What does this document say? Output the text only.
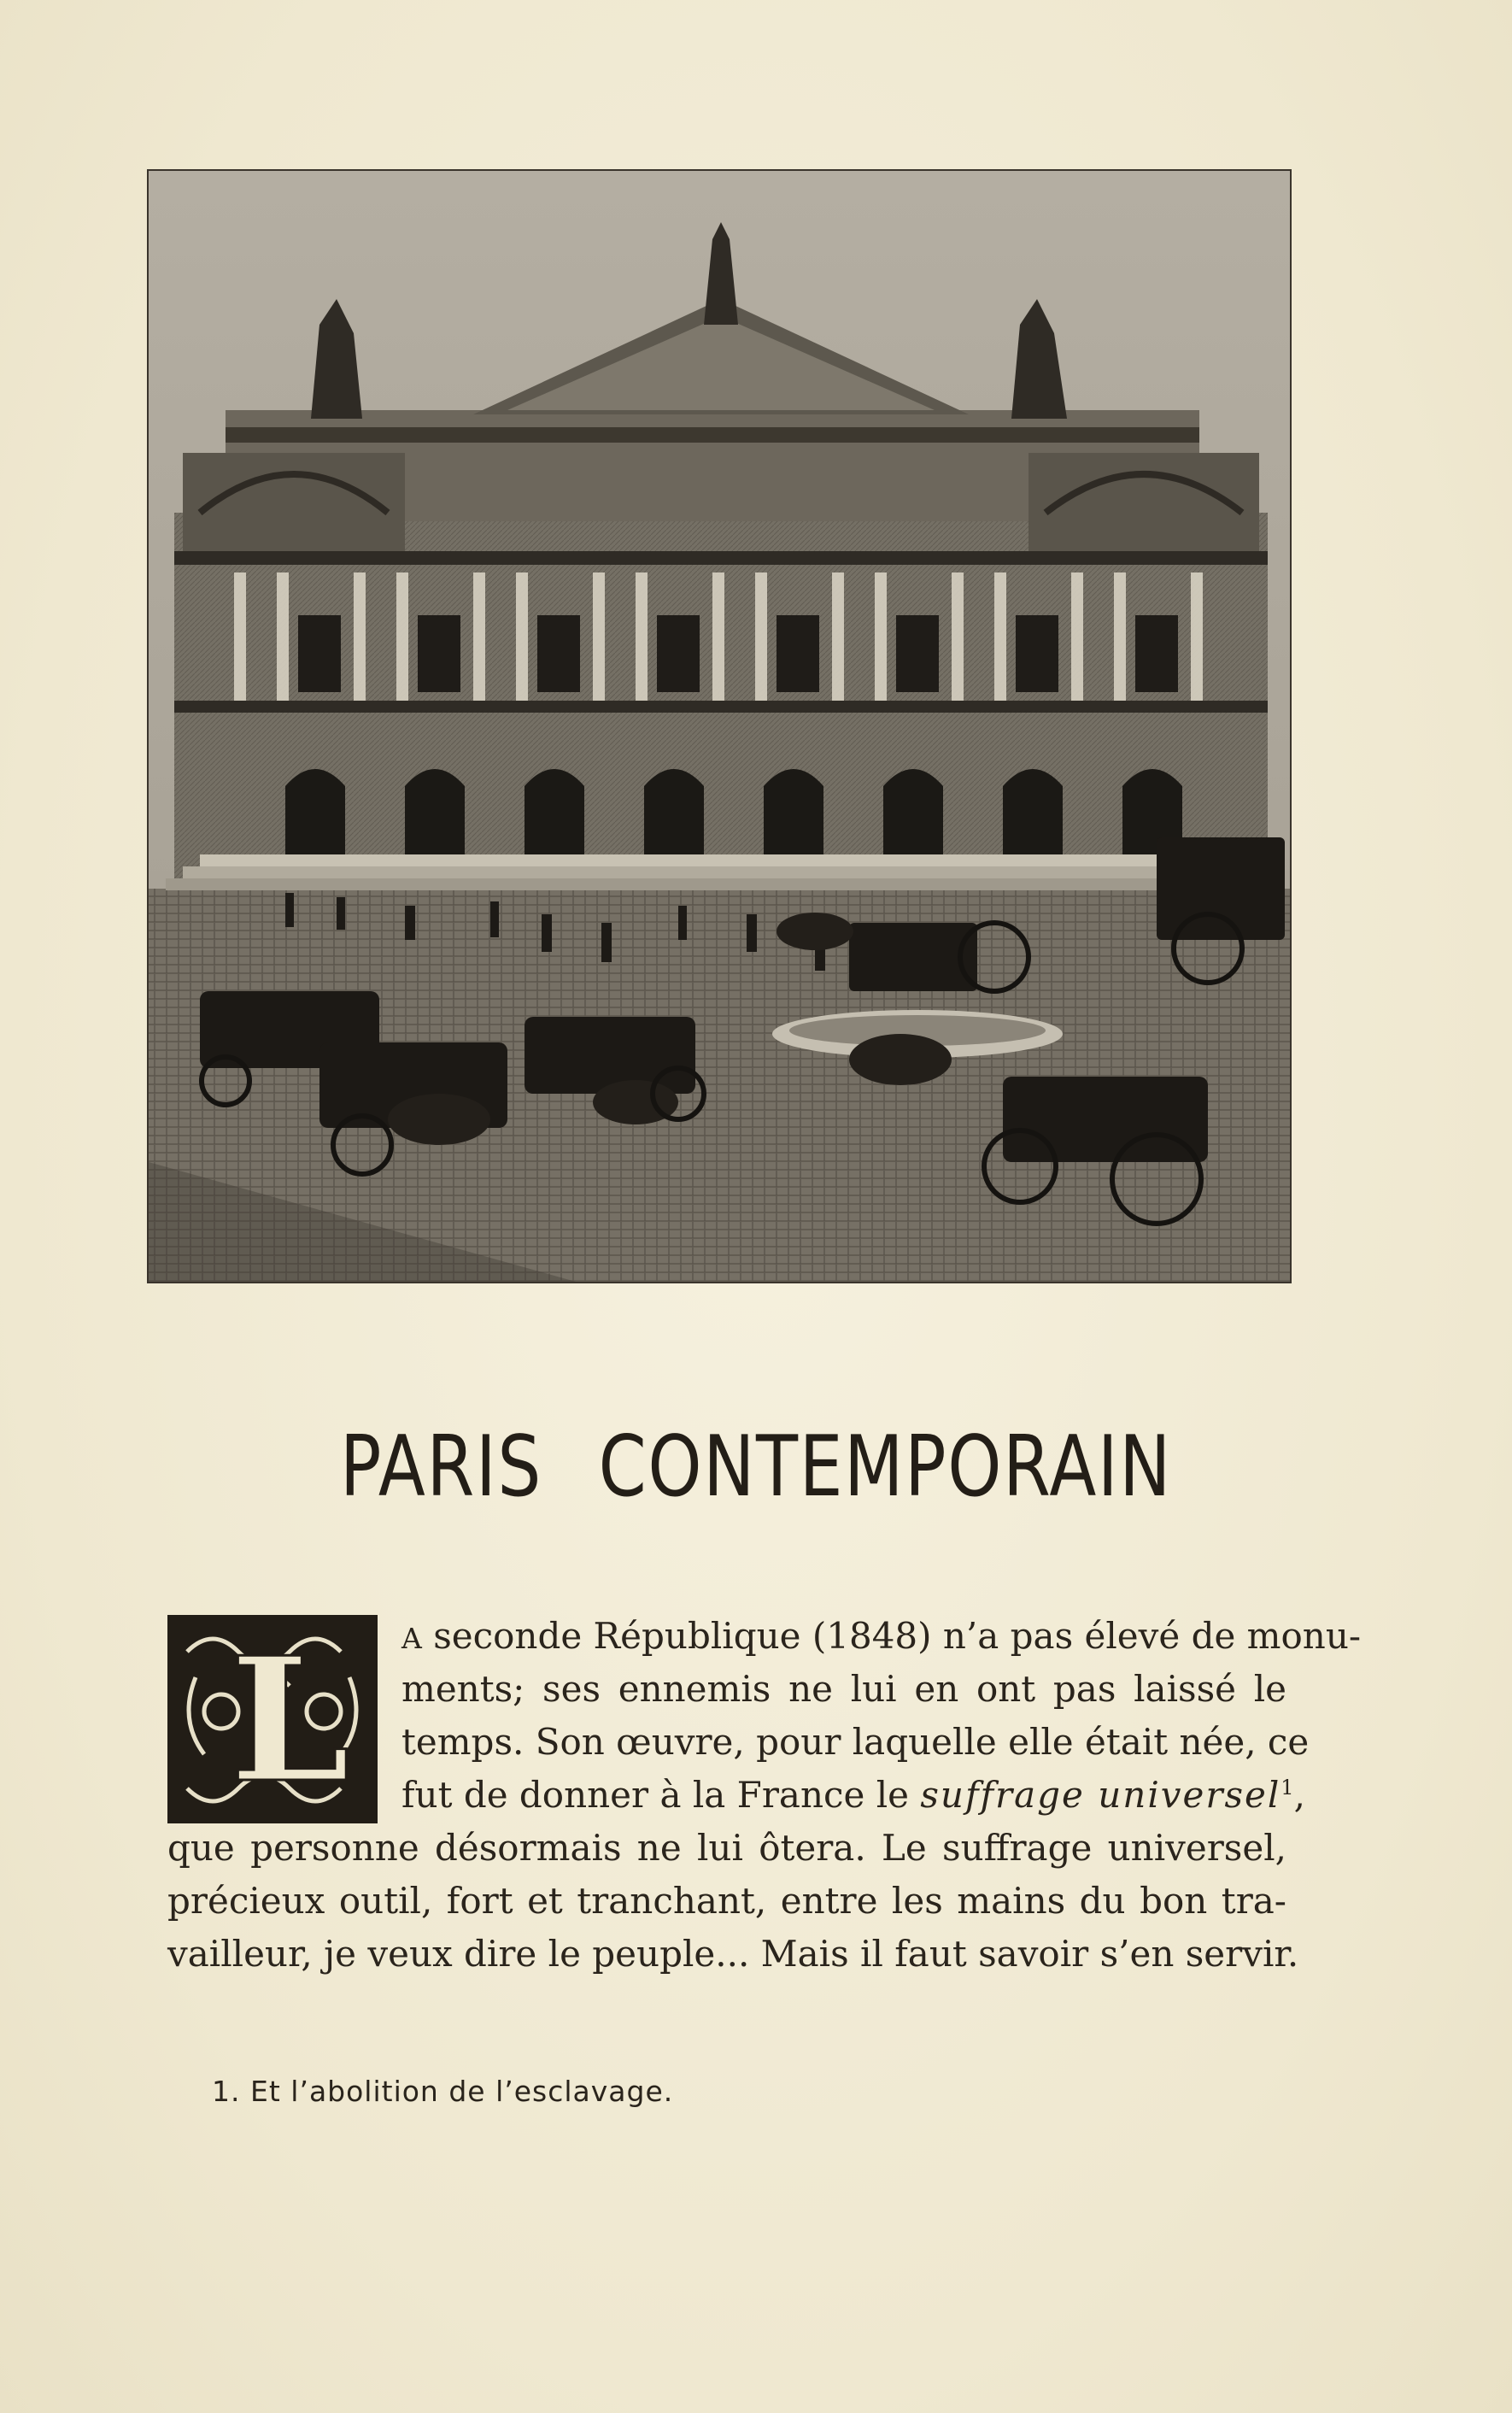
PARIS CONTEMPORAIN
L ments; ses ennemis ne lui en ont pas laissé le
temps. Son œuvre, pour laquelle elle était née, ce
fut de donner à la France le suffrage universel$^1$,
que personne désormais ne lui ôtera. Le suffrage universel,
précieux outil, fort et tranchant, entre les mains du bon tra-
vailleur, je veux dire le peuple... Mais il faut savoir s’en servir.
1. Et l’abolition de l’esclavage.
A seconde République (1848) n’a pas élevé de monu-
